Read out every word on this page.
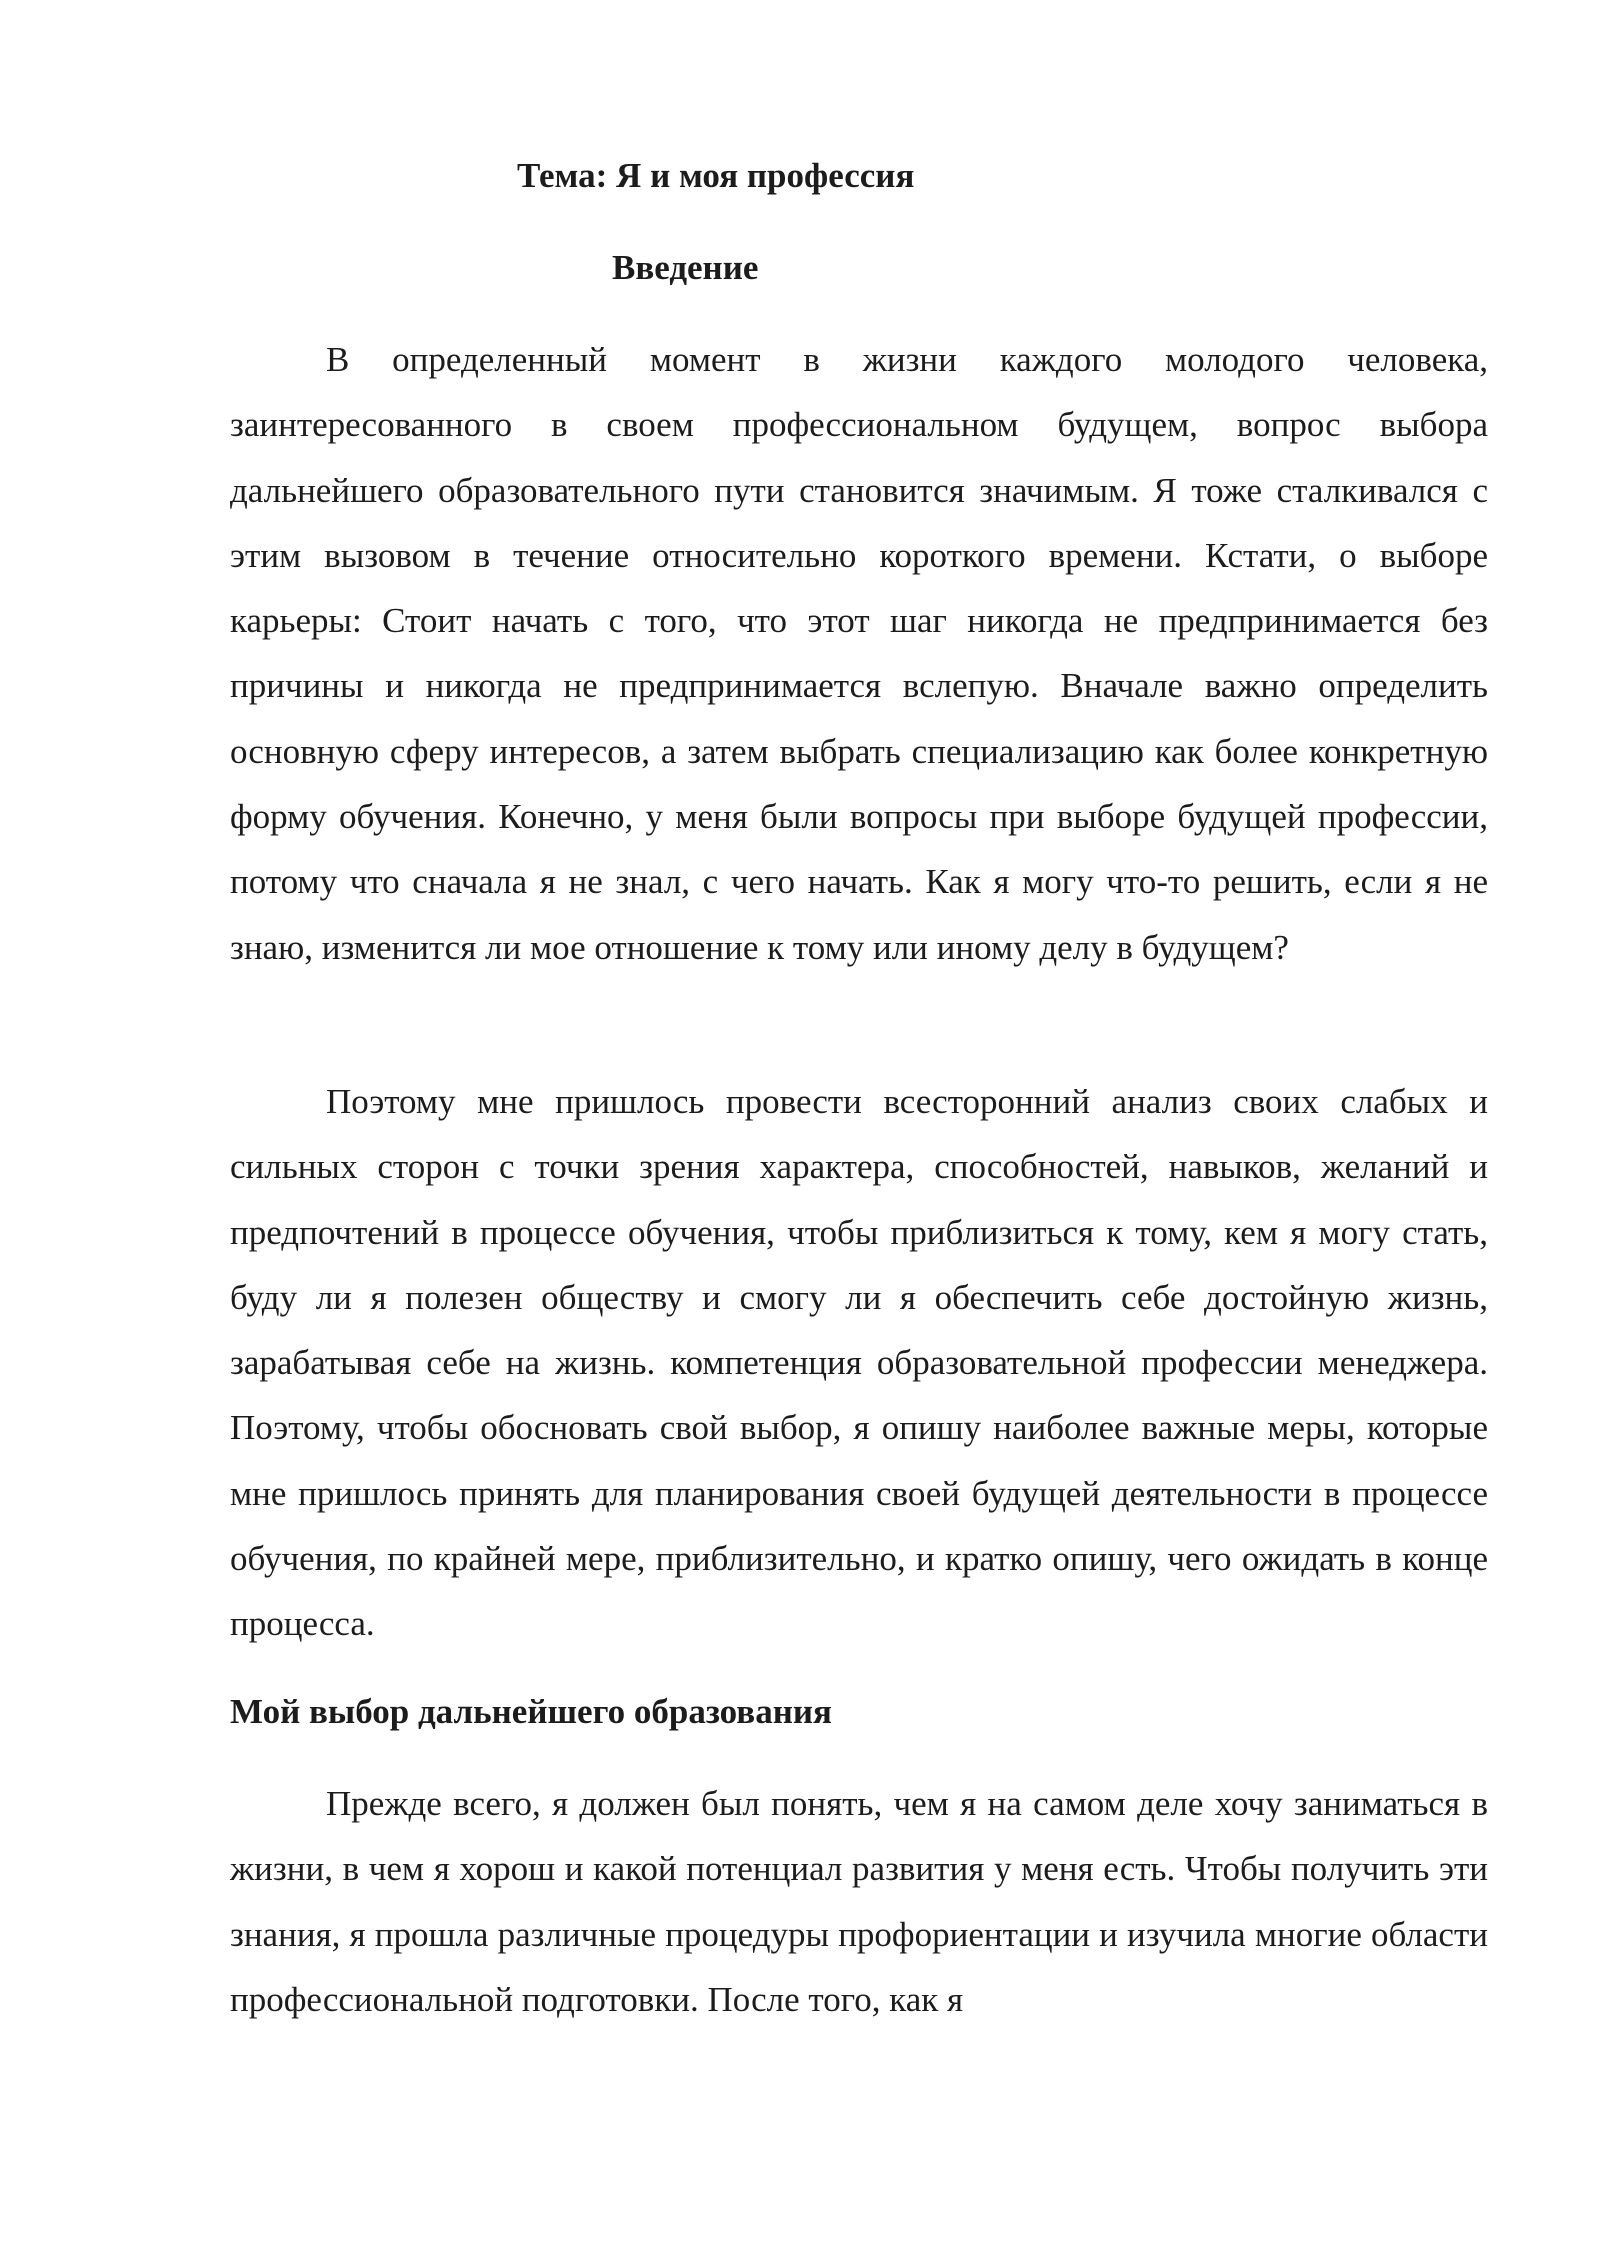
Тема: Я и моя профессия
Введение

В определенный момент в жизни каждого молодого человека, заинтересованного в своем профессиональном будущем, вопрос выбора дальнейшего образовательного пути становится значимым. Я тоже сталкивался с этим вызовом в течение относительно короткого времени. Кстати, о выборе карьеры: Стоит начать с того, что этот шаг никогда не предпринимается без причины и никогда не предпринимается вслепую. Вначале важно определить основную сферу интересов, а затем выбрать специализацию как более конкретную форму обучения. Конечно, у меня были вопросы при выборе будущей профессии, потому что сначала я не знал, с чего начать. Как я могу что-то решить, если я не знаю, изменится ли мое отношение к тому или иному делу в будущем?

Поэтому мне пришлось провести всесторонний анализ своих слабых и сильных сторон с точки зрения характера, способностей, навыков, желаний и предпочтений в процессе обучения, чтобы приблизиться к тому, кем я могу стать, буду ли я полезен обществу и смогу ли я обеспечить себе достойную жизнь, зарабатывая себе на жизнь. компетенция образовательной профессии менеджера. Поэтому, чтобы обосновать свой выбор, я опишу наиболее важные меры, которые мне пришлось принять для планирования своей будущей деятельности в процессе обучения, по крайней мере, приблизительно, и кратко опишу, чего ожидать в конце процесса.

Мой выбор дальнейшего образования

Прежде всего, я должен был понять, чем я на самом деле хочу заниматься в жизни, в чем я хорош и какой потенциал развития у меня есть. Чтобы получить эти знания, я прошла различные процедуры профориентации и изучила многие области профессиональной подготовки. После того, как я
